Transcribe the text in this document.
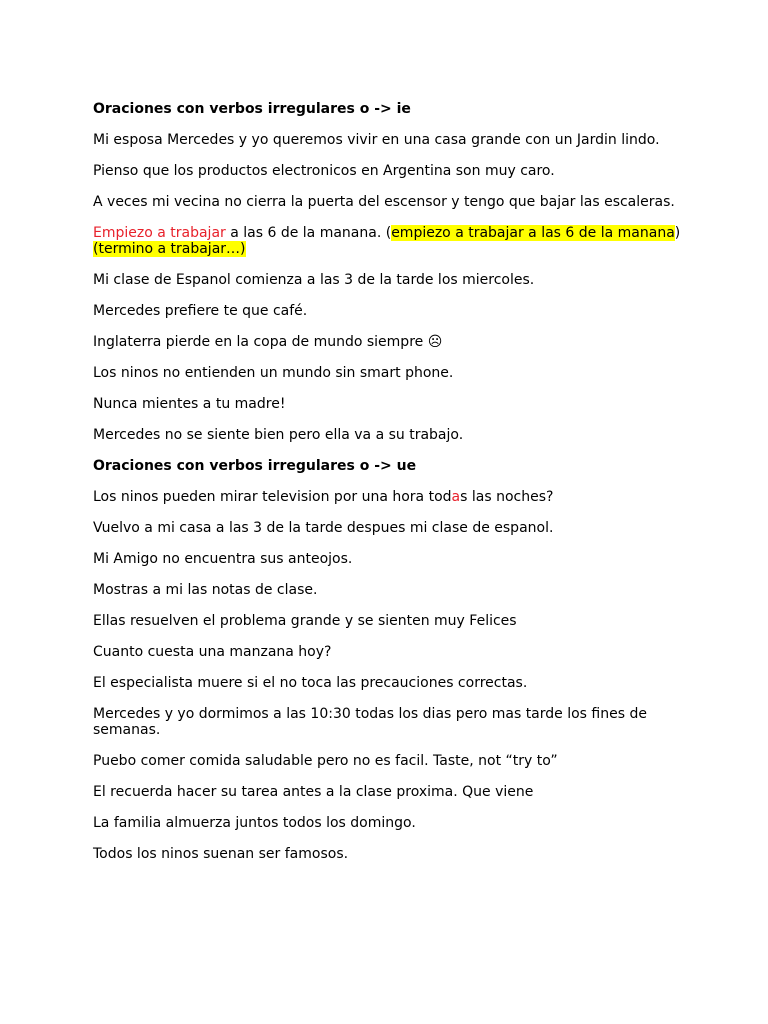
Oraciones con verbos irregulares o -> ie

Mi esposa Mercedes y yo queremos vivir en una casa grande con un Jardin lindo.

Pienso que los productos electronicos en Argentina son muy caro.

A veces mi vecina no cierra la puerta del escensor y tengo que bajar las escaleras.

Empiezo a trabajar a las 6 de la manana. (empiezo a trabajar a las 6 de la manana) (termino a trabajar…)

Mi clase de Espanol comienza a las 3 de la tarde los miercoles.

Mercedes prefiere te que café.

Inglaterra pierde en la copa de mundo siempre ☹

Los ninos no entienden un mundo sin smart phone.

Nunca mientes a tu madre!

Mercedes no se siente bien pero ella va a su trabajo.

Oraciones con verbos irregulares o -> ue

Los ninos pueden mirar television por una hora todas las noches?

Vuelvo a mi casa a las 3 de la tarde despues mi clase de espanol.

Mi Amigo no encuentra sus anteojos.

Mostras a mi las notas de clase.

Ellas resuelven el problema grande y se sienten muy Felices

Cuanto cuesta una manzana hoy?

El especialista muere si el no toca las precauciones correctas.

Mercedes y yo dormimos a las 10:30 todas los dias pero mas tarde los fines de semanas.

Puebo comer comida saludable pero no es facil. Taste, not “try to”

El recuerda hacer su tarea antes a la clase proxima. Que viene

La familia almuerza juntos todos los domingo.

Todos los ninos suenan ser famosos.
